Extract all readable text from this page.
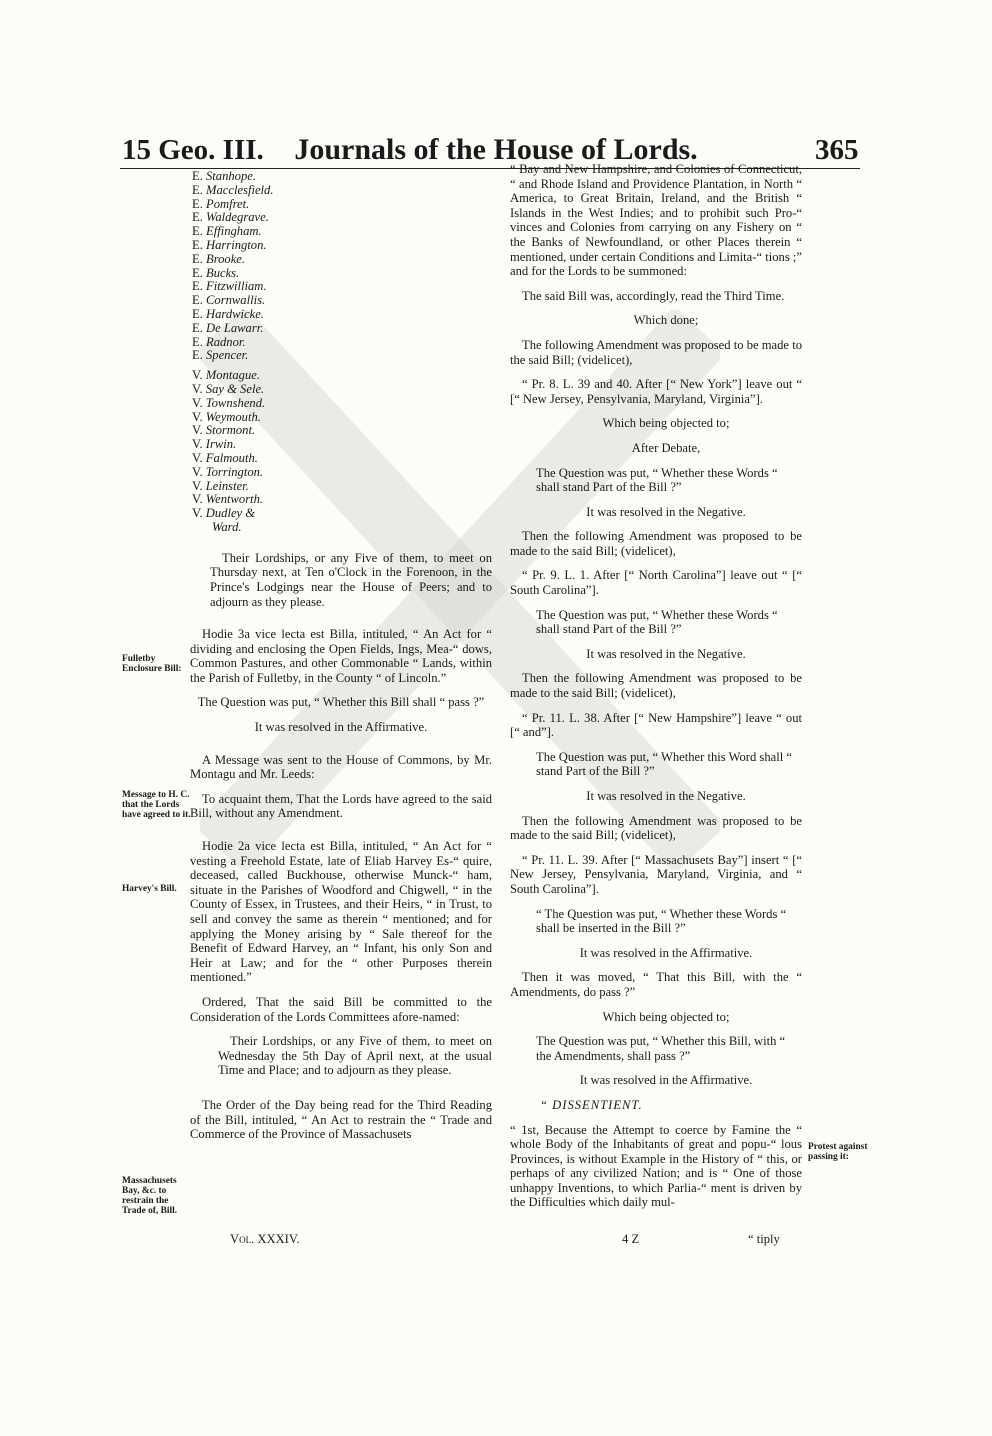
15 Geo. III.	Journals of the House of Lords.	365
E. Stanhope.
E. Macclesfield.
E. Pomfret.
E. Waldegrave.
E. Effingham.
E. Harrington.
E. Brooke.
E. Bucks.
E. Fitzwilliam.
E. Cornwallis.
E. Hardwicke.
E. De Lawarr.
E. Radnor.
E. Spencer.
V. Montague.
V. Say & Sele.
V. Townshend.
V. Weymouth.
V. Stormont.
V. Irwin.
V. Falmouth.
V. Torrington.
V. Leinster.
V. Wentworth.
V. Dudley &
Ward.

Their Lordships, or any Five of them, to meet on Thursday next, at Ten o'Clock in the Forenoon, in the Prince's Lodgings near the House of Peers; and to adjourn as they please.

Hodie 3a vice lecta est Billa, intituled, “ An Act for “ dividing and enclosing the Open Fields, Ings, Mea-“ dows, Common Pastures, and other Commonable “ Lands, within the Parish of Fulletby, in the County “ of Lincoln.”

The Question was put, “ Whether this Bill shall “ pass ?”

It was resolved in the Affirmative.

A Message was sent to the House of Commons, by Mr. Montagu and Mr. Leeds:

To acquaint them, That the Lords have agreed to the said Bill, without any Amendment.

Hodie 2a vice lecta est Billa, intituled, “ An Act for “ vesting a Freehold Estate, late of Eliab Harvey Es-“ quire, deceased, called Buckhouse, otherwise Munck-“ ham, situate in the Parishes of Woodford and Chigwell, “ in the County of Essex, in Trustees, and their Heirs, “ in Trust, to sell and convey the same as therein “ mentioned; and for applying the Money arising by “ Sale thereof for the Benefit of Edward Harvey, an “ Infant, his only Son and Heir at Law; and for the “ other Purposes therein mentioned.”

Ordered, That the said Bill be committed to the Consideration of the Lords Committees afore-named:

Their Lordships, or any Five of them, to meet on Wednesday the 5th Day of April next, at the usual Time and Place; and to adjourn as they please.

The Order of the Day being read for the Third Reading of the Bill, intituled, “ An Act to restrain the “ Trade and Commerce of the Province of Massachusets

Fulletby Enclosure Bill:
Message to H. C. that the Lords have agreed to it.
Harvey's Bill.
Massachusets Bay, &c. to restrain the Trade of, Bill.
Protest against passing it:

“ Bay and New Hampshire, and Colonies of Connecticut, “ and Rhode Island and Providence Plantation, in North “ America, to Great Britain, Ireland, and the British “ Islands in the West Indies; and to prohibit such Pro-“ vinces and Colonies from carrying on any Fishery on “ the Banks of Newfoundland, or other Places therein “ mentioned, under certain Conditions and Limita-“ tions ;” and for the Lords to be summoned:

The said Bill was, accordingly, read the Third Time.

Which done;

The following Amendment was proposed to be made to the said Bill; (videlicet),

“ Pr. 8. L. 39 and 40. After [“ New York”] leave out “ [“ New Jersey, Pensylvania, Maryland, Virginia”].

Which being objected to;

After Debate,

The Question was put, “ Whether these Words “ shall stand Part of the Bill ?”

It was resolved in the Negative.

Then the following Amendment was proposed to be made to the said Bill; (videlicet),

“ Pr. 9. L. 1. After [“ North Carolina”] leave out “ [“ South Carolina”].

The Question was put, “ Whether these Words “ shall stand Part of the Bill ?”

It was resolved in the Negative.

Then the following Amendment was proposed to be made to the said Bill; (videlicet),

“ Pr. 11. L. 38. After [“ New Hampshire”] leave “ out [“ and”].

The Question was put, “ Whether this Word shall “ stand Part of the Bill ?”

It was resolved in the Negative.

Then the following Amendment was proposed to be made to the said Bill; (videlicet),

“ Pr. 11. L. 39. After [“ Massachusets Bay”] insert “ [“ New Jersey, Pensylvania, Maryland, Virginia, and “ South Carolina”].

“ The Question was put, “ Whether these Words “ shall be inserted in the Bill ?”

It was resolved in the Affirmative.

Then it was moved, “ That this Bill, with the “ Amendments, do pass ?”

Which being objected to;

The Question was put, “ Whether this Bill, with “ the Amendments, shall pass ?”

It was resolved in the Affirmative.

“ DISSENTIENT.

“ 1st, Because the Attempt to coerce by Famine the “ whole Body of the Inhabitants of great and popu-“ lous Provinces, is without Example in the History of “ this, or perhaps of any civilized Nation; and is “ One of those unhappy Inventions, to which Parlia-“ ment is driven by the Difficulties which daily mul-

Vol. XXXIV.	4 Z	“ tiply
